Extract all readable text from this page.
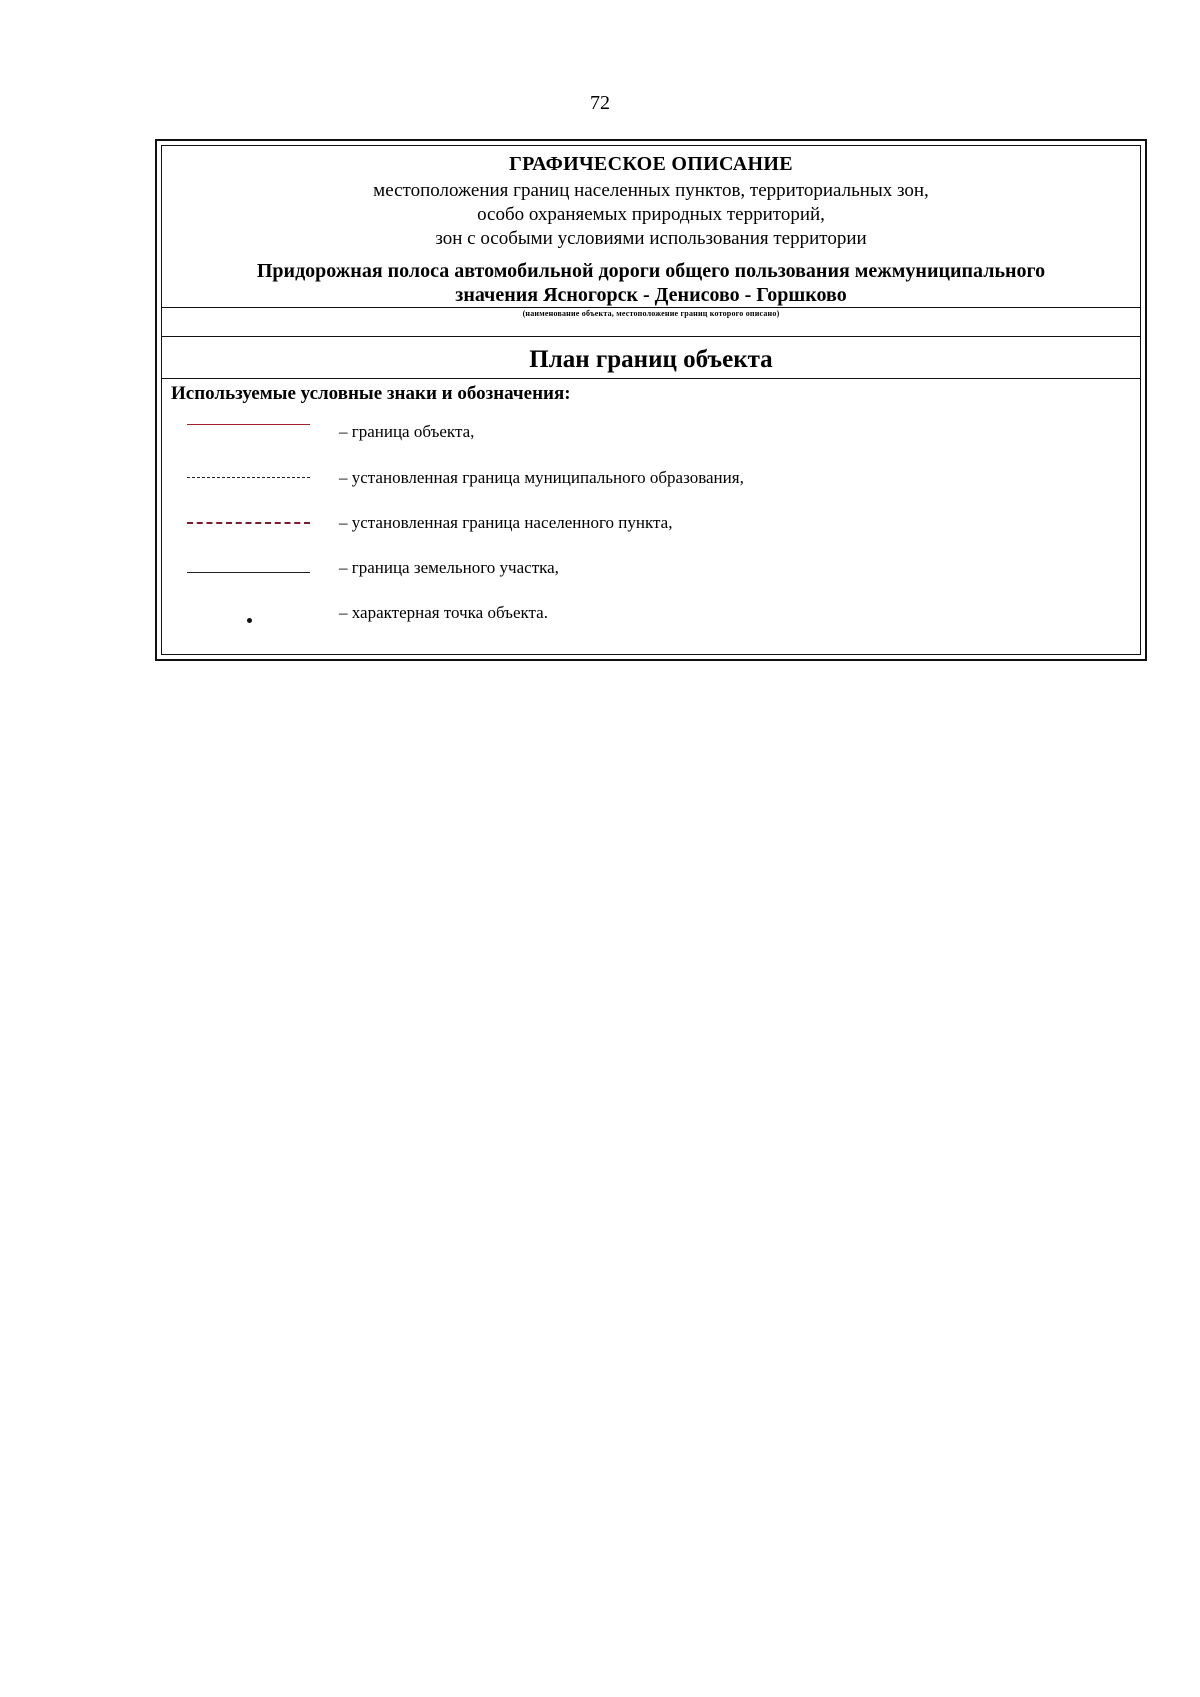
72
ГРАФИЧЕСКОЕ ОПИСАНИЕ
местоположения границ населенных пунктов, территориальных зон,
особо охраняемых природных территорий,
зон с особыми условиями использования территории
Придорожная полоса автомобильной дороги общего пользования межмуниципального
значения Ясногорск - Денисово - Горшково
(наименование объекта, местоположение границ которого описано)
План границ объекта
Используемые условные знаки и обозначения:
– граница объекта,
– установленная граница муниципального образования,
– установленная граница населенного пункта,
– граница земельного участка,
– характерная точка объекта.
